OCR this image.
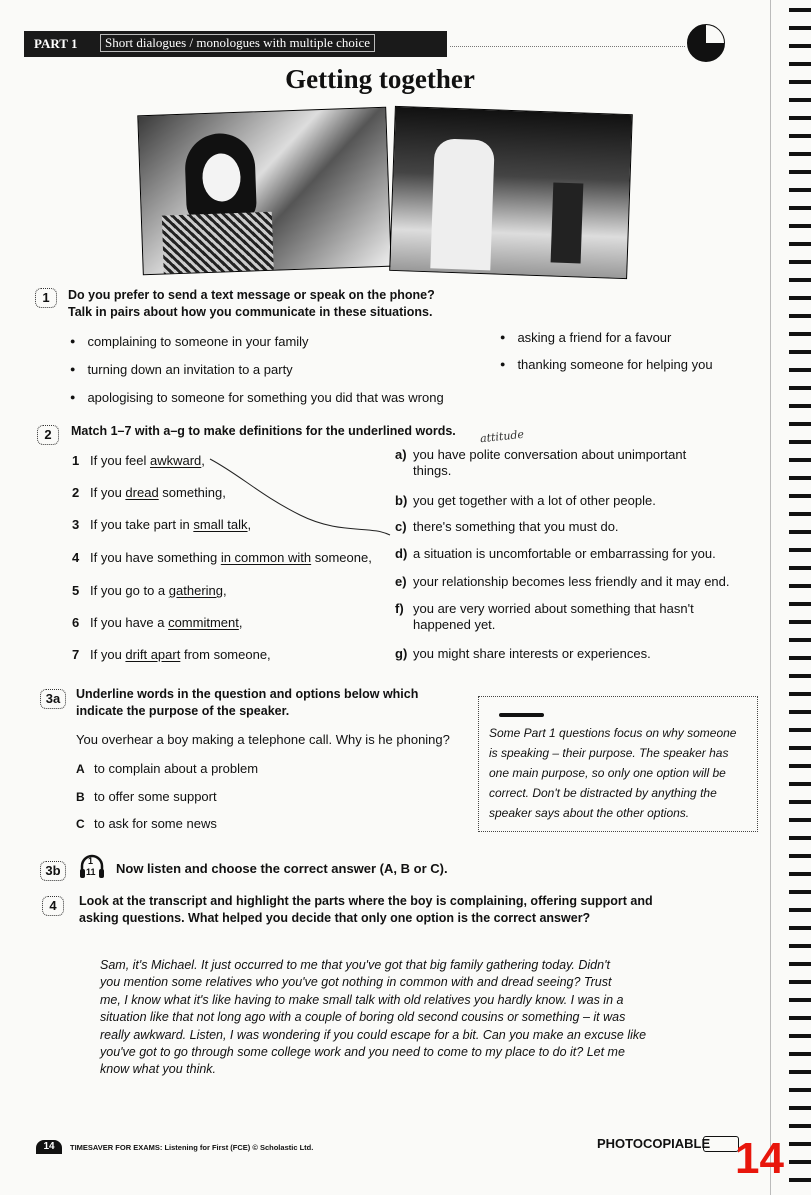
PART 1	Short dialogues / monologues with multiple choice
Getting together
1	Do you prefer to send a text message or speak on the phone?
Talk in pairs about how you communicate in these situations.
● complaining to someone in your family
● turning down an invitation to a party
● apologising to someone for something you did that was wrong
● asking a friend for a favour
● thanking someone for helping you
2	Match 1–7 with a–g to make definitions for the underlined words. attitude
1 If you feel awkward,
2 If you dread something,
3 If you take part in small talk,
4 If you have something in common with someone,
5 If you go to a gathering,
6 If you have a commitment,
7 If you drift apart from someone,
a) you have polite conversation about unimportant
things.
b) you get together with a lot of other people.
c) there's something that you must do.
d) a situation is uncomfortable or embarrassing for you.
e) your relationship becomes less friendly and it may end.
f) you are very worried about something that hasn't
happened yet.
g) you might share interests or experiences.
3a	Underline words in the question and options below which
indicate the purpose of the speaker.
You overhear a boy making a telephone call. Why is he phoning?
A to complain about a problem
B to offer some support
C to ask for some news
Some Part 1 questions focus on why someone
is speaking – their purpose. The speaker has
one main purpose, so only one option will be
correct. Don't be distracted by anything the
speaker says about the other options.
3b
1
11 Now listen and choose the correct answer (A, B or C).
4	Look at the transcript and highlight the parts where the boy is complaining, offering support and
asking questions. What helped you decide that only one option is the correct answer?
Sam, it's Michael. It just occurred to me that you've got that big family gathering today. Didn't
you mention some relatives who you've got nothing in common with and dread seeing? Trust
me, I know what it's like having to make small talk with old relatives you hardly know. I was in a
situation like that not long ago with a couple of boring old second cousins or something – it was
really awkward. Listen, I was wondering if you could escape for a bit. Can you make an excuse like
you've got to go through some college work and you need to come to my place to do it? Let me
know what you think.
14	TIMESAVER FOR EXAMS: Listening for First (FCE) © Scholastic Ltd.	PHOTOCOPIABLE 14
